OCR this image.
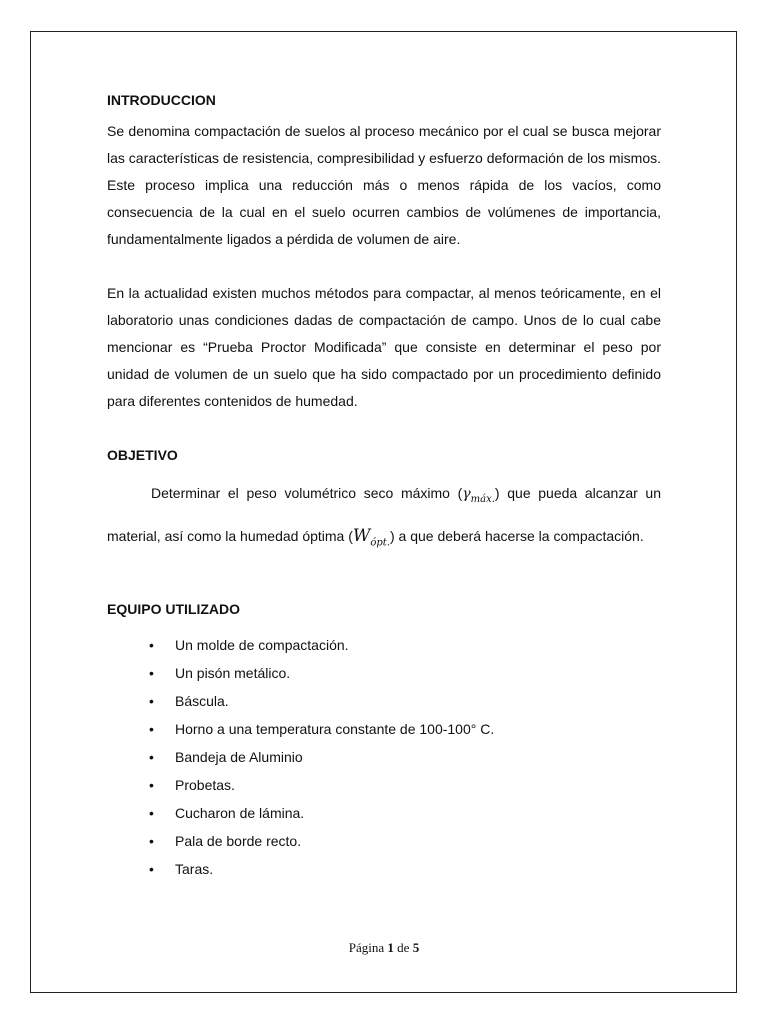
INTRODUCCION

Se denomina compactación de suelos al proceso mecánico por el cual se busca mejorar las características de resistencia, compresibilidad y esfuerzo deformación de los mismos. Este proceso implica una reducción más o menos rápida de los vacíos, como consecuencia de la cual en el suelo ocurren cambios de volúmenes de importancia, fundamentalmente ligados a pérdida de volumen de aire.

En la actualidad existen muchos métodos para compactar, al menos teóricamente, en el laboratorio unas condiciones dadas de compactación de campo. Unos de lo cual cabe mencionar es “Prueba Proctor Modificada” que consiste en determinar el peso por unidad de volumen de un suelo que ha sido compactado por un procedimiento definido para diferentes contenidos de humedad.

OBJETIVO

Determinar el peso volumétrico seco máximo $(\gamma_{máx.})$ que pueda alcanzar un material, así como la humedad óptima $(W_{ópt.})$ a que deberá hacerse la compactación.

EQUIPO UTILIZADO
• Un molde de compactación.
• Un pisón metálico.
• Báscula.
• Horno a una temperatura constante de 100-100° C.
• Bandeja de Aluminio
• Probetas.
• Cucharon de lámina.
• Pala de borde recto.
• Taras.
Página 1 de 5
